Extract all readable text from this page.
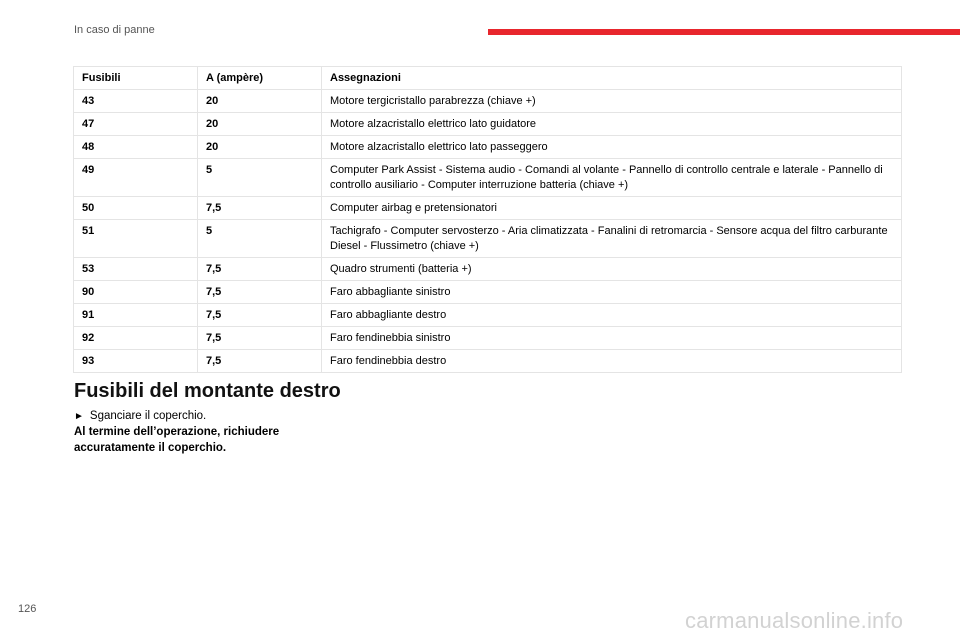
In caso di panne
Fusibili	A (ampère)	Assegnazioni
43	20	Motore tergicristallo parabrezza (chiave +)
47	20	Motore alzacristallo elettrico lato guidatore
48	20	Motore alzacristallo elettrico lato passeggero
49	5	Computer Park Assist - Sistema audio - Comandi al volante - Pannello di controllo centrale e laterale - Pannello di controllo ausiliario - Computer interruzione batteria (chiave +)
50	7,5	Computer airbag e pretensionatori
51	5	Tachigrafo - Computer servosterzo - Aria climatizzata - Fanalini di retromarcia - Sensore acqua del filtro carburante Diesel - Flussimetro (chiave +)
53	7,5	Quadro strumenti (batteria +)
90	7,5	Faro abbagliante sinistro
91	7,5	Faro abbagliante destro
92	7,5	Faro fendinebbia sinistro
93	7,5	Faro fendinebbia destro
Fusibili del montante destro

► Sganciare il coperchio.

Al termine dell’operazione, richiudere accuratamente il coperchio.

126	carmanualsonline.info
